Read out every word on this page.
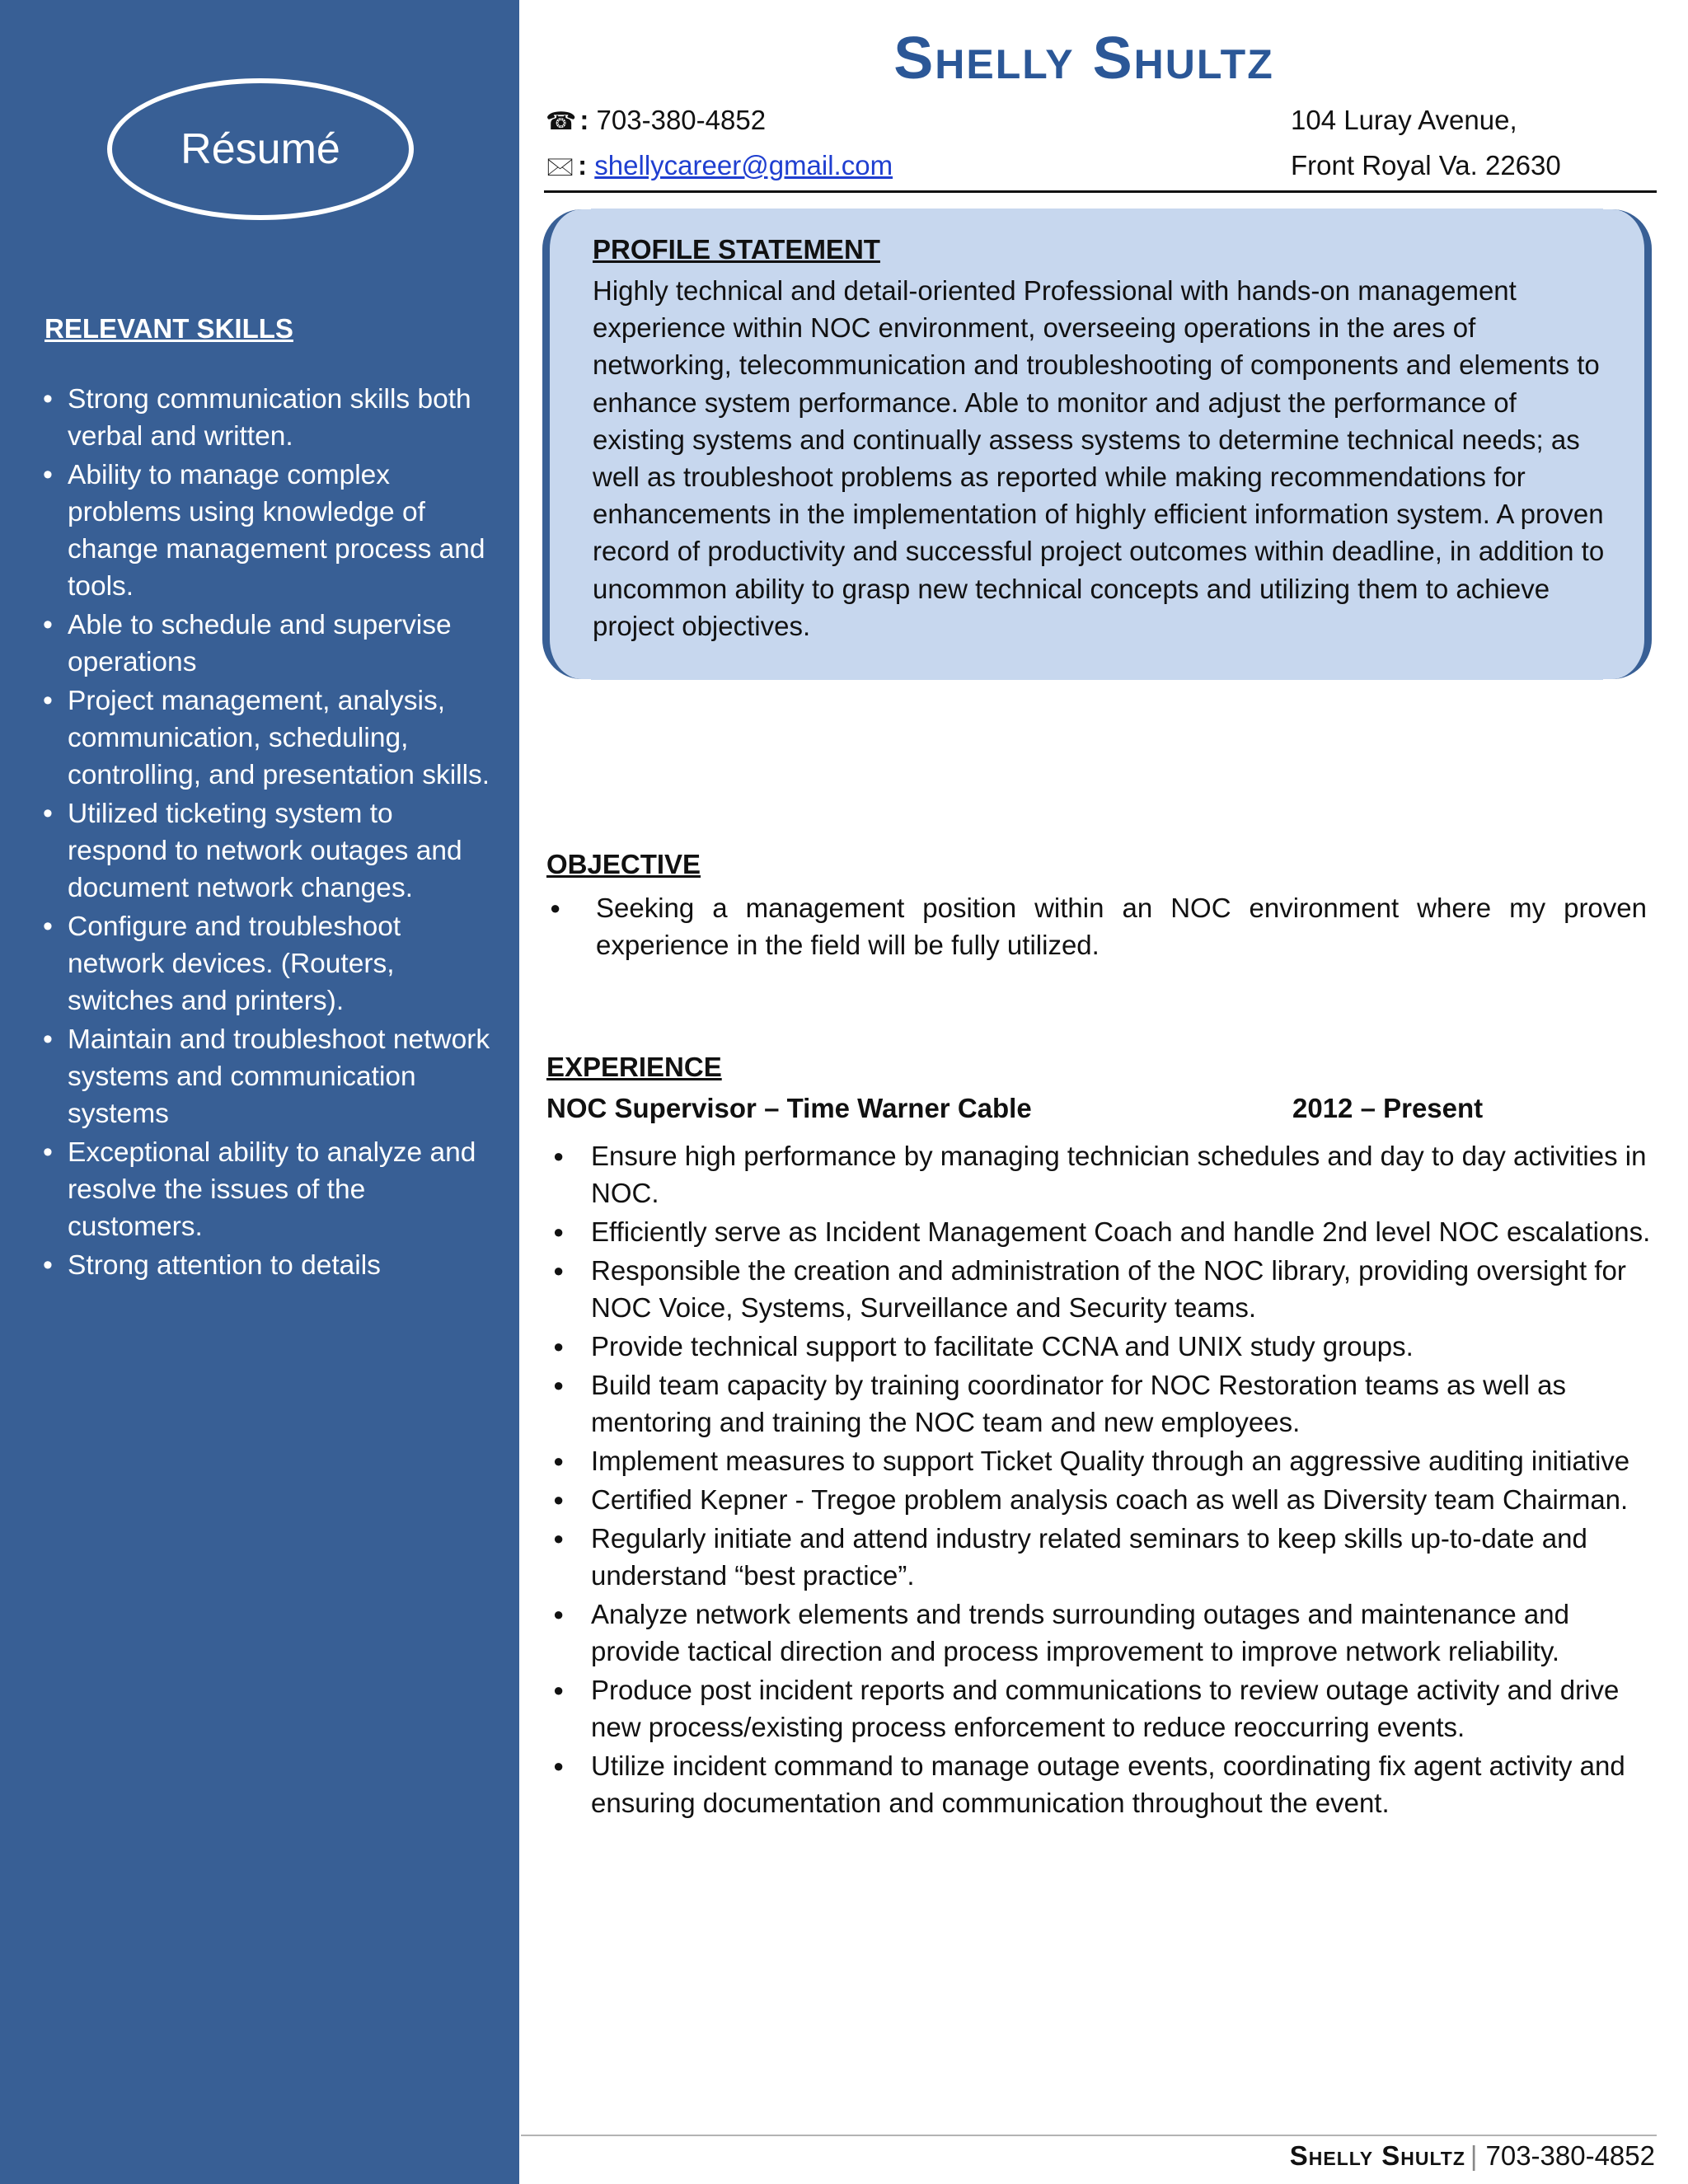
Résumé
RELEVANT SKILLS
• Strong communication skills both verbal and written.
• Ability to manage complex problems using knowledge of change management process and tools.
• Able to schedule and supervise operations
• Project management, analysis, communication, scheduling, controlling, and presentation skills.
• Utilized ticketing system to respond to network outages and document network changes.
• Configure and troubleshoot network devices. (Routers, switches and printers).
• Maintain and troubleshoot network systems and communication systems
• Exceptional ability to analyze and resolve the issues of the customers.
• Strong attention to details
Shelly Shultz
☎ : 703-380-4852
🖂 : shellycareer@gmail.com
104 Luray Avenue,
Front Royal Va. 22630
PROFILE STATEMENT

Highly technical and detail-oriented Professional with hands-on management experience within NOC environment, overseeing operations in the ares of networking, telecommunication and troubleshooting of components and elements to enhance system performance. Able to monitor and adjust the performance of existing systems and continually assess systems to determine technical needs; as well as troubleshoot problems as reported while making recommendations for enhancements in the implementation of highly efficient information system. A proven record of productivity and successful project outcomes within deadline, in addition to uncommon ability to grasp new technical concepts and utilizing them to achieve project objectives.

OBJECTIVE
● Seeking a management position within an NOC environment where my proven experience in the field will be fully utilized.
EXPERIENCE
NOC Supervisor – Time Warner Cable	2012 – Present
● Ensure high performance by managing technician schedules and day to day activities in NOC.
● Efficiently serve as Incident Management Coach and handle 2nd level NOC escalations.
● Responsible the creation and administration of the NOC library, providing oversight for NOC Voice, Systems, Surveillance and Security teams.
● Provide technical support to facilitate CCNA and UNIX study groups.
● Build team capacity by training coordinator for NOC Restoration teams as well as mentoring and training the NOC team and new employees.
● Implement measures to support Ticket Quality through an aggressive auditing initiative
● Certified Kepner - Tregoe problem analysis coach as well as Diversity team Chairman.
● Regularly initiate and attend industry related seminars to keep skills up-to-date and understand “best practice”.
● Analyze network elements and trends surrounding outages and maintenance and provide tactical direction and process improvement to improve network reliability.
● Produce post incident reports and communications to review outage activity and drive new process/existing process enforcement to reduce reoccurring events.
● Utilize incident command to manage outage events, coordinating fix agent activity and ensuring documentation and communication throughout the event.
Shelly Shultz | 703-380-4852
